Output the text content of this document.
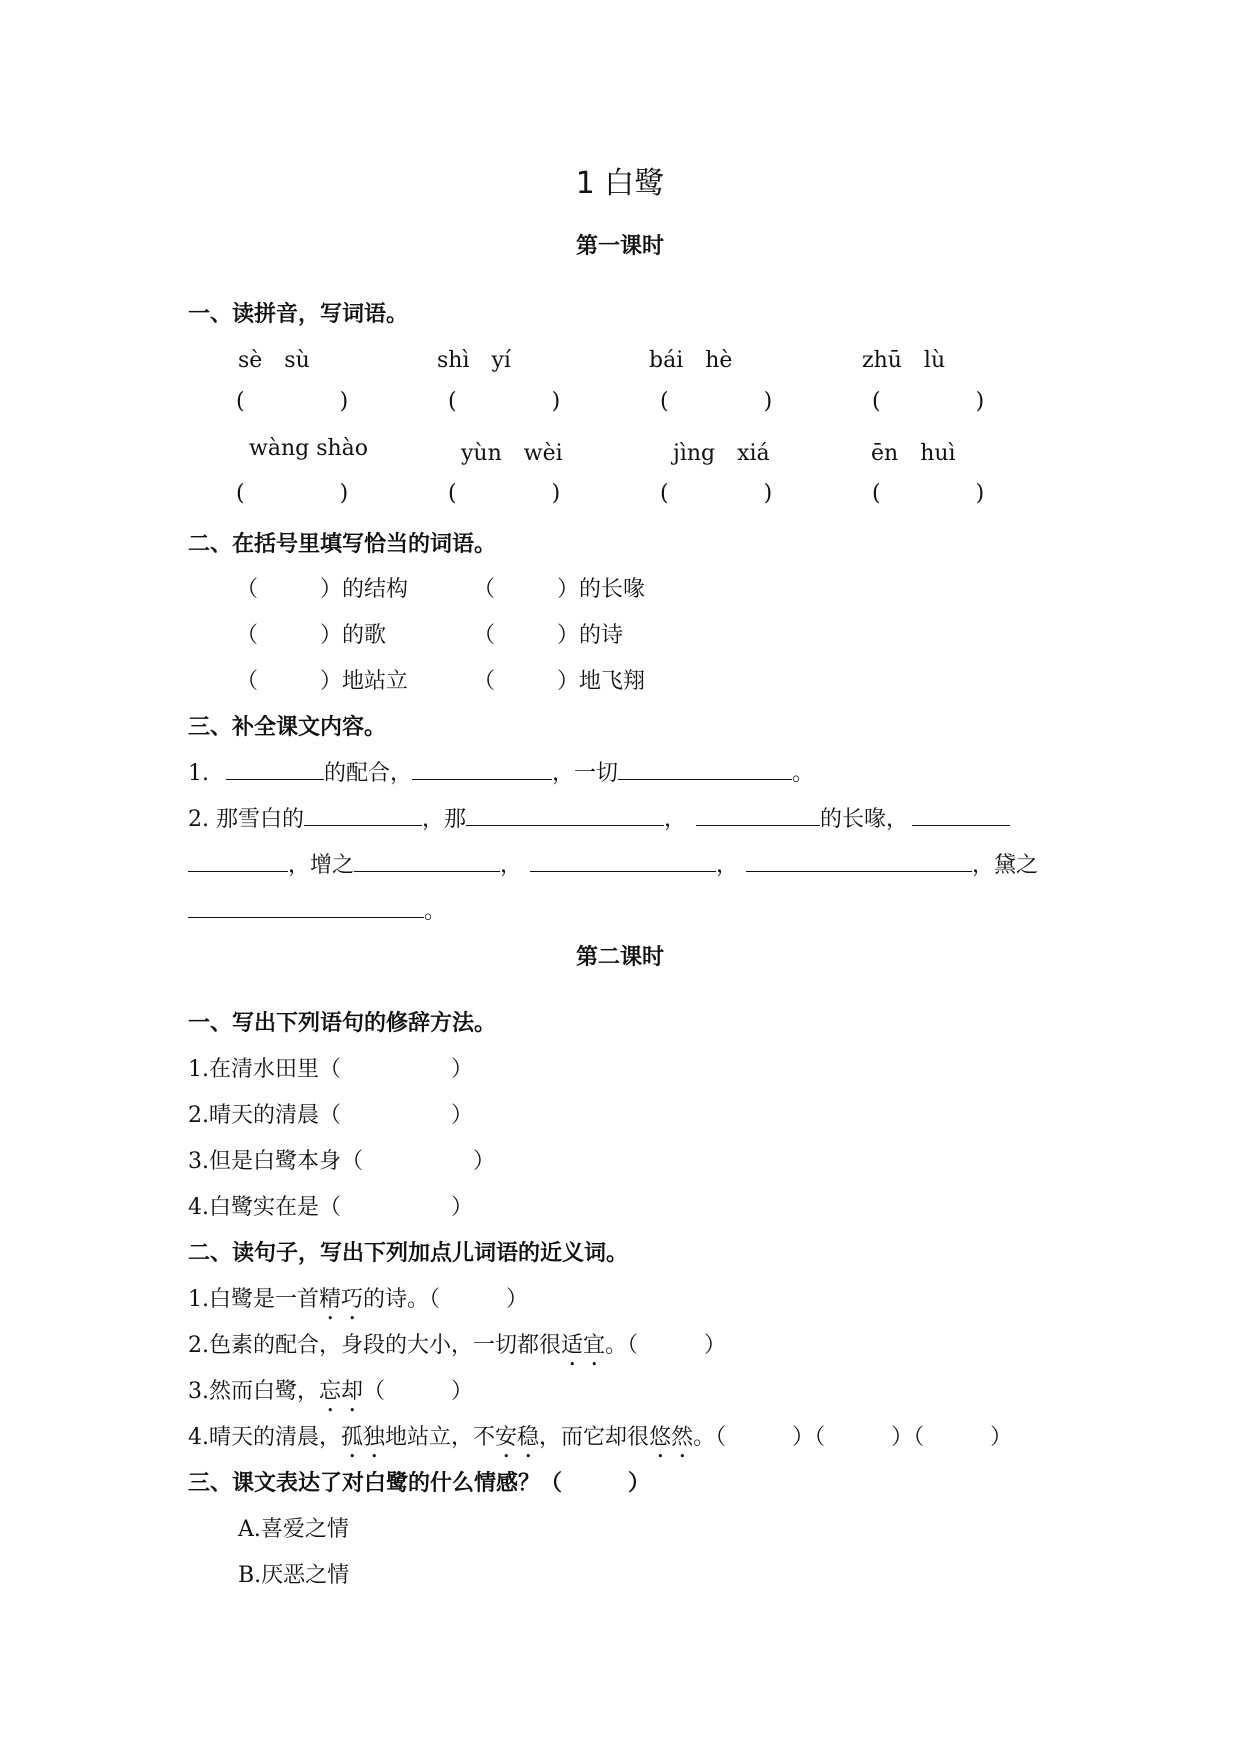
1 白鹭
第一课时
一、读拼音，写词语。
sè　sù	shì　yí	bái　hè	zhū　lù
(	)	(	)	(	)	(	)
wàng shào	yùn　wèi	jìng　xiá	ēn　huì
(	)	(	)	(	)	(	)
二、在括号里填写恰当的词语。
（	）的结构	（	）的长喙
（	）的歌	（	）的诗
（	）地站立	（	）地飞翔
三、补全课文内容。
1.	的配合，	，一切	。
2. 那雪白的	，那	，	的长喙，
，增之	，	，	，黛之
。
第二课时
一、写出下列语句的修辞方法。
1.在清水田里（　　　　　）
2.晴天的清晨（　　　　　）
3.但是白鹭本身（　　　　　）
4.白鹭实在是（　　　　　）
二、读句子，写出下列加点儿词语的近义词。
1.白鹭是一首精巧的诗。（　　　）
2.色素的配合，身段的大小，一切都很适宜。（　　　）
3.然而白鹭，忘却（　　　）
4.晴天的清晨，孤独地站立，不安稳，而它却很悠然。（　　　）（　　　）（　　　）
三、课文表达了对白鹭的什么情感？（　　　）
A.喜爱之情
B.厌恶之情
